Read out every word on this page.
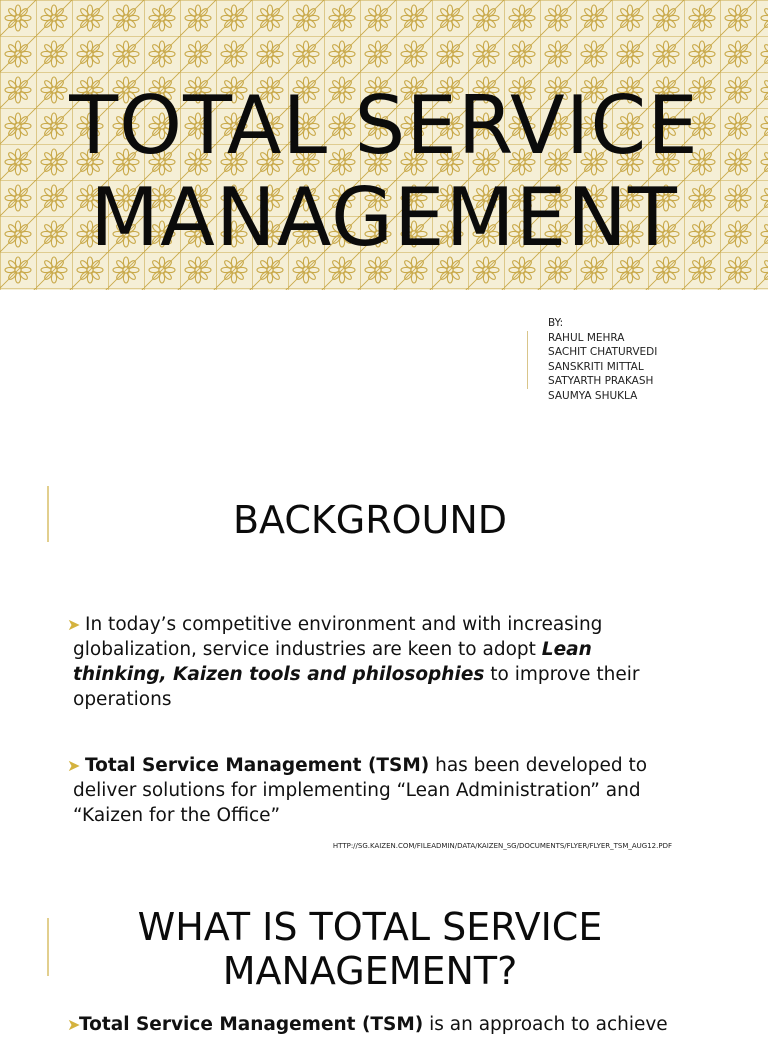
TOTAL SERVICE
MANAGEMENT
BY:
RAHUL MEHRA
SACHIT CHATURVEDI
SANSKRITI MITTAL
SATYARTH PRAKASH
SAUMYA SHUKLA
BACKGROUND
➤ In today’s competitive environment and with increasing globalization, service industries are keen to adopt Lean thinking, Kaizen tools and philosophies to improve their operations
➤ Total Service Management (TSM) has been developed to deliver solutions for implementing “Lean Administration” and “Kaizen for the Office”
HTTP://SG.KAIZEN.COM/FILEADMIN/DATA/KAIZEN_SG/DOCUMENTS/FLYER/FLYER_TSM_AUG12.PDF
WHAT IS TOTAL SERVICE
MANAGEMENT?
➤
Total Service Management (TSM) is an approach to achieve
